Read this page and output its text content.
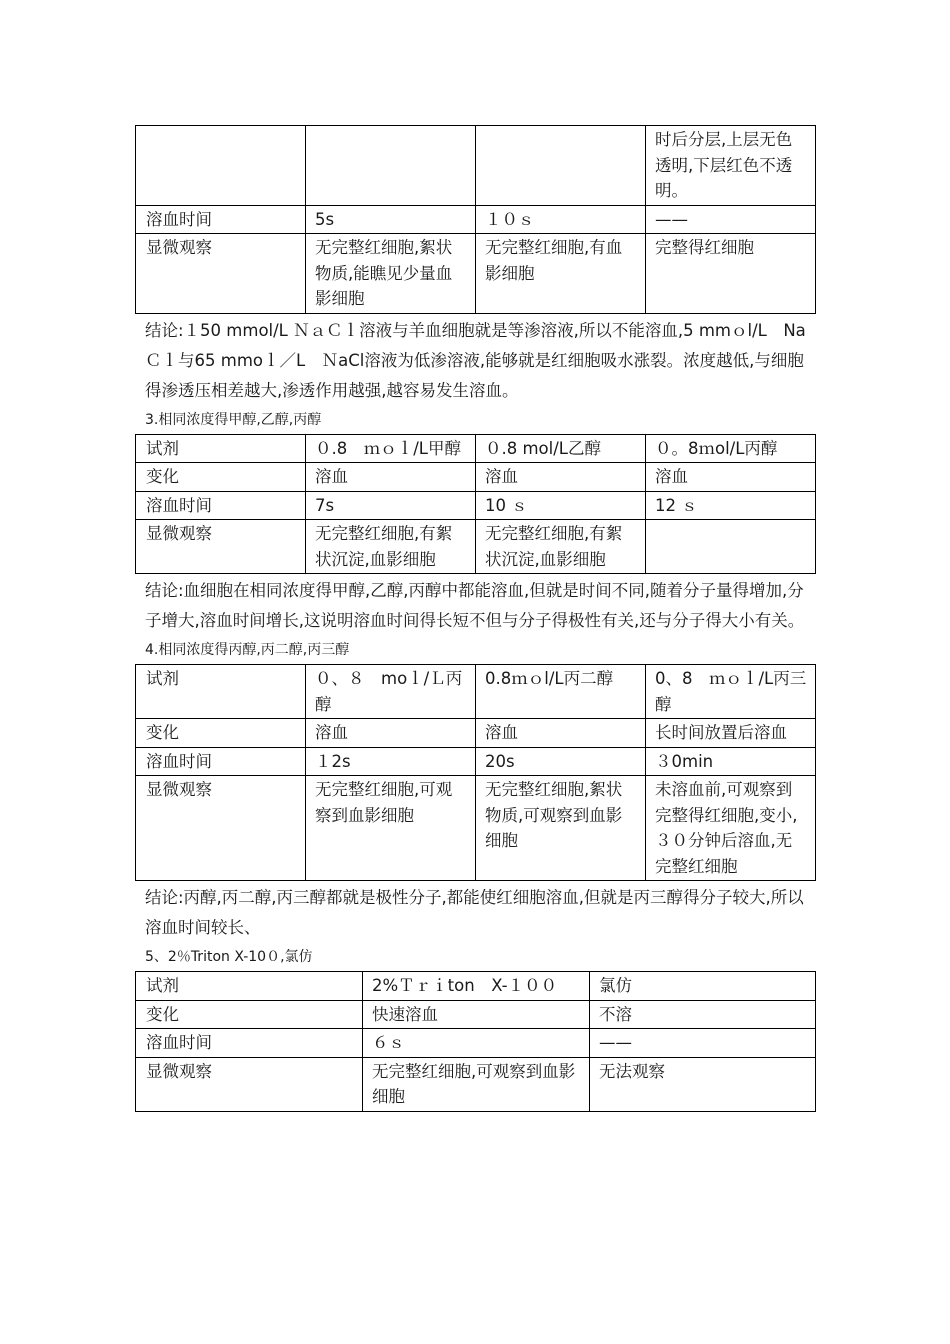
			时后分层,上层无色透明,下层红色不透明。
溶血时间	5s	１０ｓ	——
显微观察	无完整红细胞,絮状物质,能瞧见少量血影细胞	无完整红细胞,有血影细胞	完整得红细胞

结论:１50 mmol/L ＮａＣｌ溶液与羊血细胞就是等渗溶液,所以不能溶血,5 mmｏl/L　NaＣｌ与65 mmoｌ／L　ＮaCl溶液为低渗溶液,能够就是红细胞吸水涨裂。浓度越低,与细胞得渗透压相差越大,渗透作用越强,越容易发生溶血。

3.相同浓度得甲醇,乙醇,丙醇

试剂	０.8　ｍｏｌ/L甲醇	０.8 mol/L乙醇	０。8ｍol/L丙醇
变化	溶血	溶血	溶血
溶血时间	7s	10 ｓ	12 ｓ
显微观察	无完整红细胞,有絮状沉淀,血影细胞	无完整红细胞,有絮状沉淀,血影细胞	

结论:血细胞在相同浓度得甲醇,乙醇,丙醇中都能溶血,但就是时间不同,随着分子量得增加,分子增大,溶血时间增长,这说明溶血时间得长短不但与分子得极性有关,还与分子得大小有关。

4.相同浓度得丙醇,丙二醇,丙三醇

试剂	０、８　moｌ/Ｌ丙醇	0.8ｍｏl/L丙二醇	0、8　ｍｏｌ/L丙三醇
变化	溶血	溶血	长时间放置后溶血
溶血时间	１2s	20s	３0min
显微观察	无完整红细胞,可观察到血影细胞	无完整红细胞,絮状物质,可观察到血影细胞	未溶血前,可观察到完整得红细胞,变小,３０分钟后溶血,无完整红细胞

结论:丙醇,丙二醇,丙三醇都就是极性分子,都能使红细胞溶血,但就是丙三醇得分子较大,所以溶血时间较长、

5、2％Triton X-10０,氯仿

试剂	2%Ｔｒｉton　X-１００	氯仿
变化	快速溶血	不溶
溶血时间	６ｓ	——
显微观察	无完整红细胞,可观察到血影细胞	无法观察
